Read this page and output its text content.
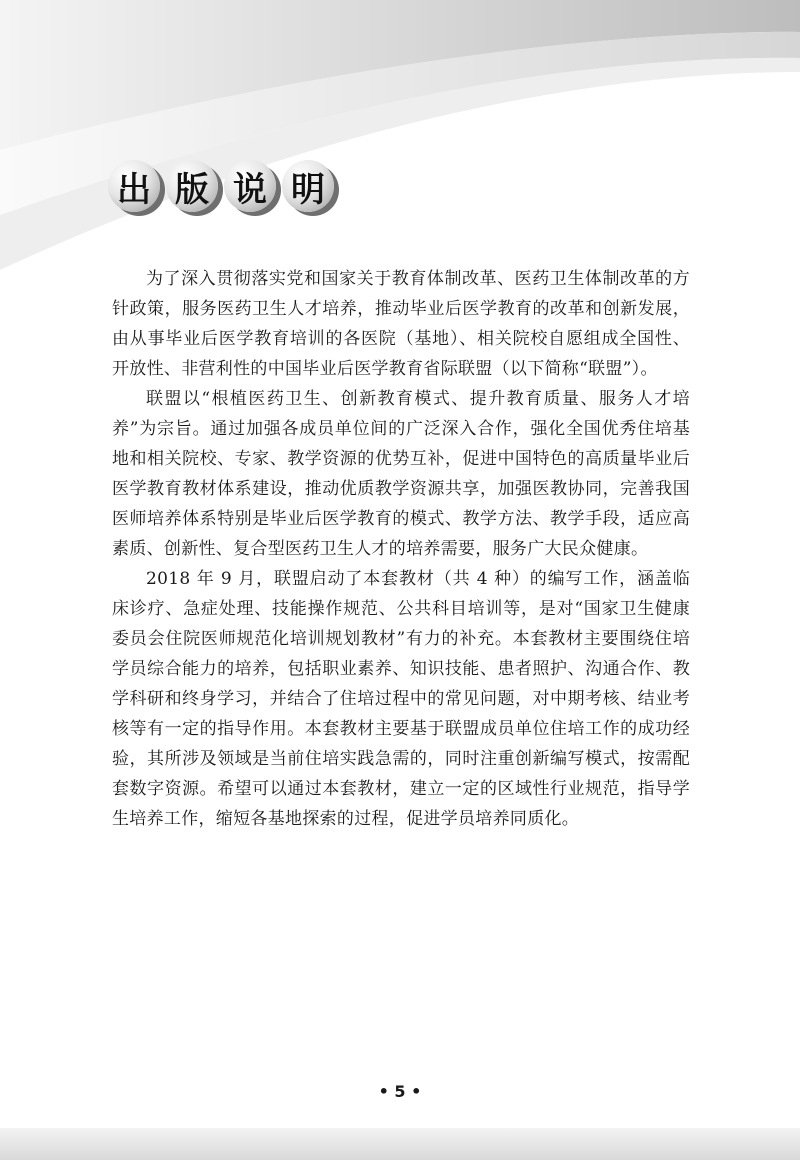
出 版 说 明

为了深入贯彻落实党和国家关于教育体制改革、医药卫生体制改革的方针政策，服务医药卫生人才培养，推动毕业后医学教育的改革和创新发展，由从事毕业后医学教育培训的各医院（基地）、相关院校自愿组成全国性、开放性、非营利性的中国毕业后医学教育省际联盟（以下简称“联盟”）。

联盟以“根植医药卫生、创新教育模式、提升教育质量、服务人才培养”为宗旨。通过加强各成员单位间的广泛深入合作，强化全国优秀住培基地和相关院校、专家、教学资源的优势互补，促进中国特色的高质量毕业后医学教育教材体系建设，推动优质教学资源共享，加强医教协同，完善我国医师培养体系特别是毕业后医学教育的模式、教学方法、教学手段，适应高素质、创新性、复合型医药卫生人才的培养需要，服务广大民众健康。

2018 年 9 月，联盟启动了本套教材（共 4 种）的编写工作，涵盖临床诊疗、急症处理、技能操作规范、公共科目培训等，是对“国家卫生健康委员会住院医师规范化培训规划教材”有力的补充。本套教材主要围绕住培学员综合能力的培养，包括职业素养、知识技能、患者照护、沟通合作、教学科研和终身学习，并结合了住培过程中的常见问题，对中期考核、结业考核等有一定的指导作用。本套教材主要基于联盟成员单位住培工作的成功经验，其所涉及领域是当前住培实践急需的，同时注重创新编写模式，按需配套数字资源。希望可以通过本套教材，建立一定的区域性行业规范，指导学生培养工作，缩短各基地探索的过程，促进学员培养同质化。

• 5 •
